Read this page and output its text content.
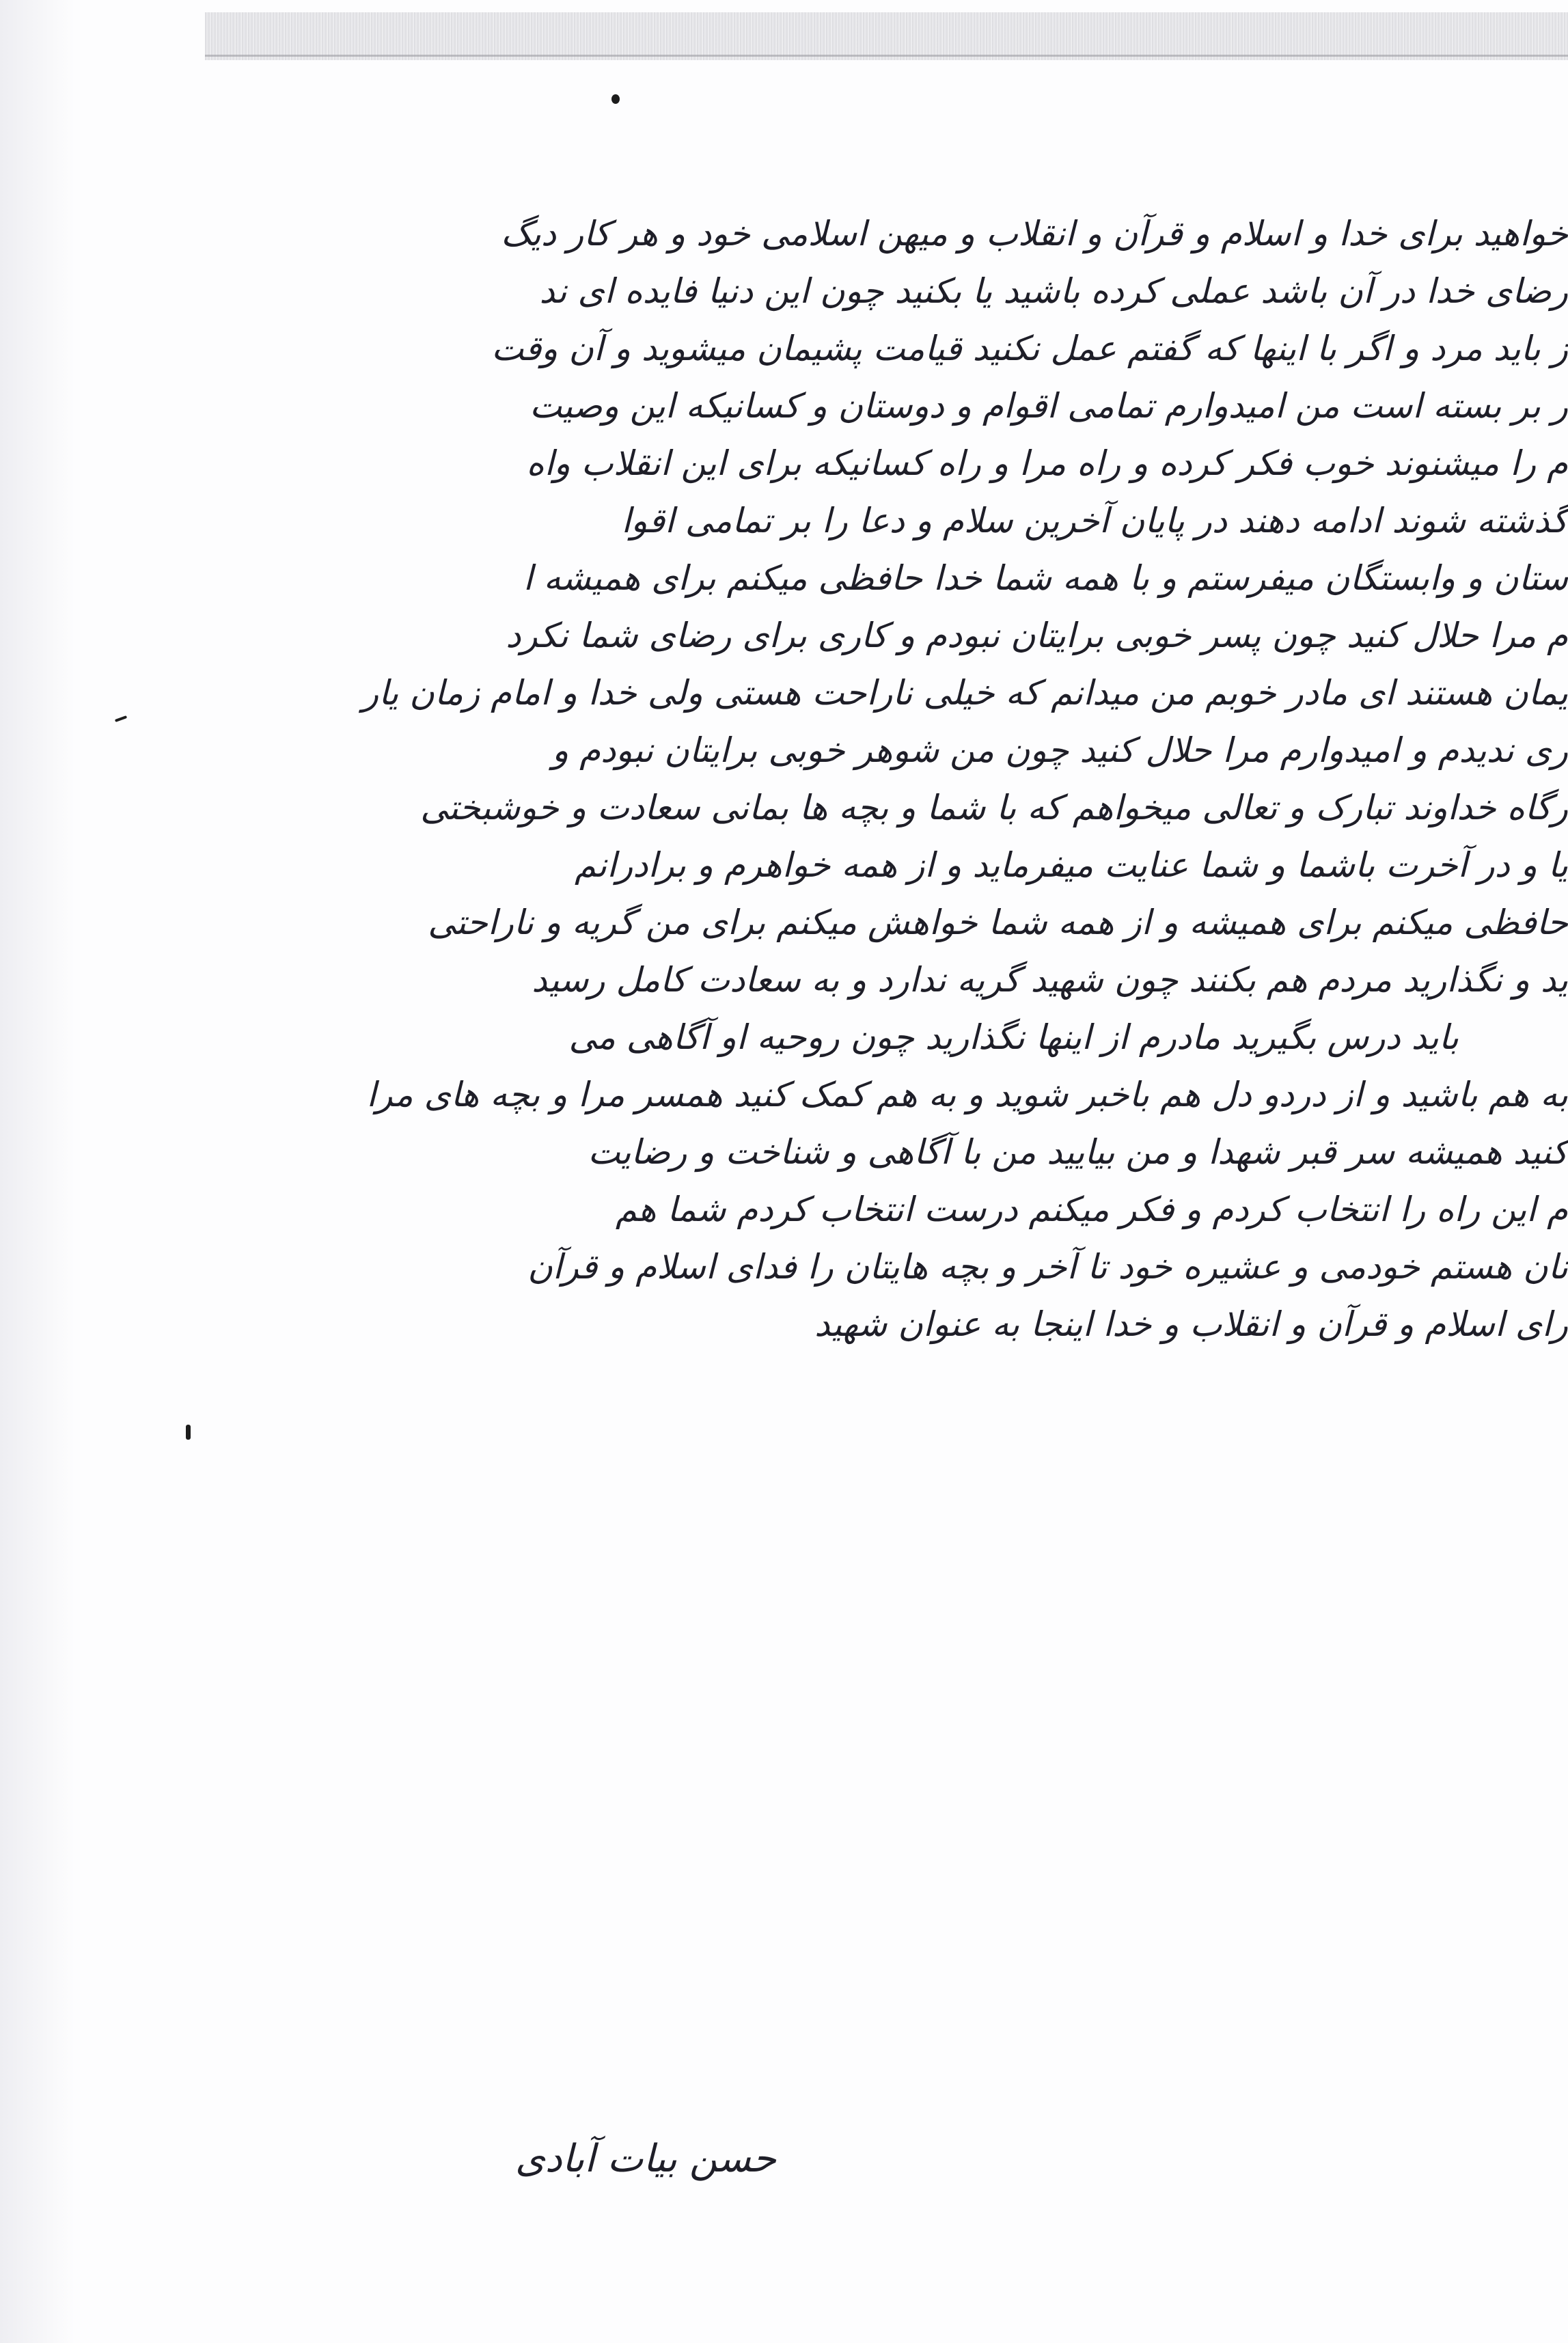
خواهید برای خدا و اسلام و قرآن و انقلاب و میهن اسلامی خود و هر کار دیگ
رضای خدا در آن باشد عملی کرده باشید یا بکنید چون این دنیا فایده ای ند
ز باید مرد و اگر با اینها که گفتم عمل نکنید قیامت پشیمان میشوید و آن وقت
ر بر بسته است من امیدوارم تمامی اقوام و دوستان و کسانیکه این وصیت
م را میشنوند خوب فکر کرده و راه مرا و راه کسانیکه برای این انقلاب واه
گذشته شوند ادامه دهند در پایان آخرین سلام و دعا را بر تمامی اقوا
ستان و وابستگان میفرستم و با همه شما خدا حافظی میکنم برای همیشه ا
م مرا حلال کنید چون پسر خوبی برایتان نبودم و کاری برای رضای شما نکرد
یمان هستند ای مادر خوبم من میدانم که خیلی ناراحت هستی ولی خدا و امام زمان یار
ری ندیدم و امیدوارم مرا حلال کنید چون من شوهر خوبی برایتان نبودم و
رگاه خداوند تبارک و تعالی میخواهم که با شما و بچه ها بمانی سعادت و خوشبختی
یا و در آخرت باشما و شما عنایت میفرماید و از همه خواهرم و برادرانم
حافظی میکنم برای همیشه و از همه شما خواهش میکنم برای من گریه و ناراحتی
ید و نگذارید مردم هم بکنند چون شهید گریه ندارد و به سعادت کامل رسید
باید درس بگیرید مادرم از اینها نگذارید چون روحیه او آگاهی می
به هم باشید و از دردو دل هم باخبر شوید و به هم کمک کنید همسر مرا و بچه های مرا
کنید همیشه سر قبر شهدا و من بیایید من با آگاهی و شناخت و رضایت
م این راه را انتخاب کردم و فکر میکنم درست انتخاب کردم شما هم
نان هستم خودمی و عشیره خود تا آخر و بچه هایتان را فدای اسلام و قرآن
رای اسلام و قرآن و انقلاب و خدا اینجا به عنوان شهید
حسن بیات آبادی
